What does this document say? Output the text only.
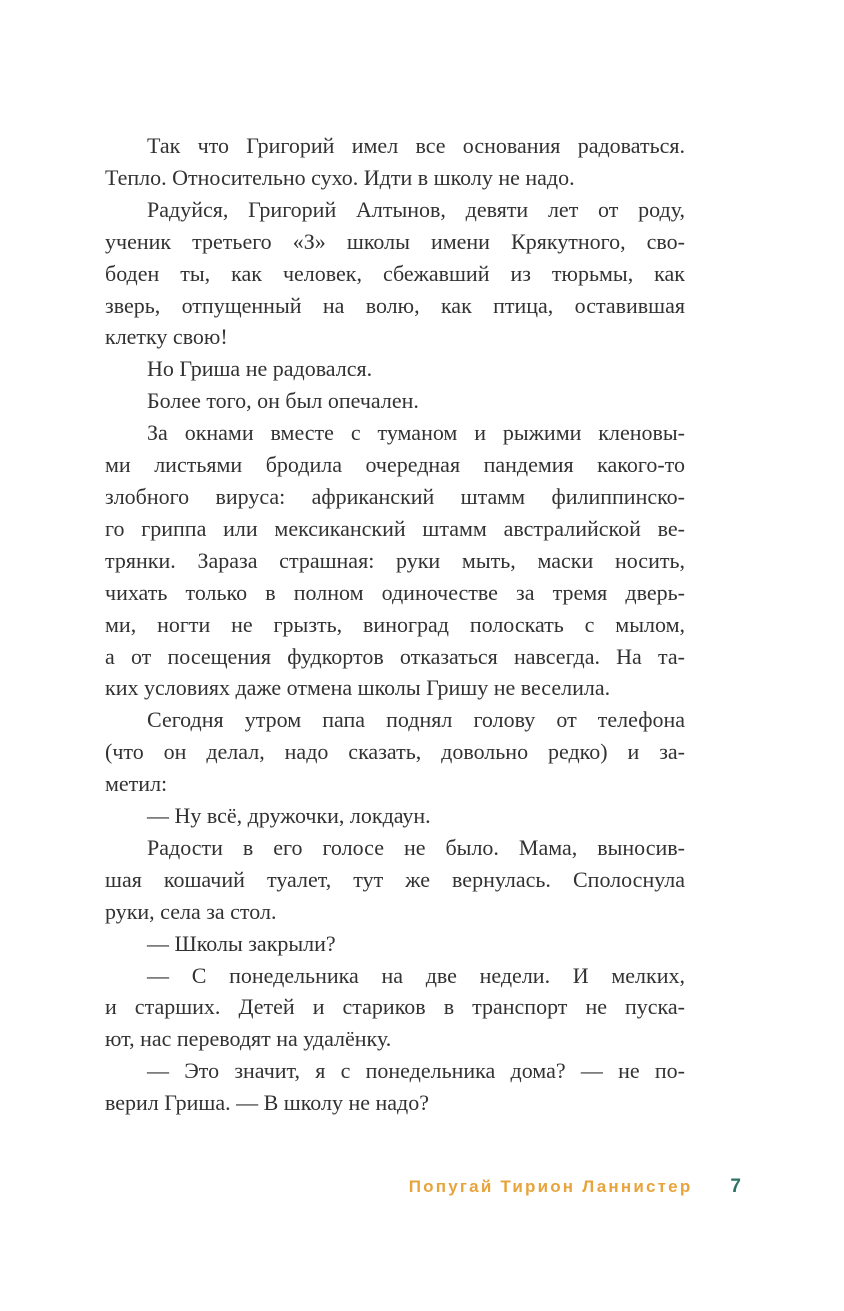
Так что Григорий имел все основания радоваться.
Тепло. Относительно сухо. Идти в школу не надо.
Радуйся, Григорий Алтынов, девяти лет от роду,
ученик третьего «З» школы имени Крякутного, сво-
боден ты, как человек, сбежавший из тюрьмы, как
зверь, отпущенный на волю, как птица, оставившая
клетку свою!
Но Гриша не радовался.
Более того, он был опечален.
За окнами вместе с туманом и рыжими кленовы-
ми листьями бродила очередная пандемия какого-то
злобного вируса: африканский штамм филиппинско-
го гриппа или мексиканский штамм австралийской ве-
трянки. Зараза страшная: руки мыть, маски носить,
чихать только в полном одиночестве за тремя дверь-
ми, ногти не грызть, виноград полоскать с мылом,
а от посещения фудкортов отказаться навсегда. На та-
ких условиях даже отмена школы Гришу не веселила.
Сегодня утром папа поднял голову от телефона
(что он делал, надо сказать, довольно редко) и за-
метил:
— Ну всё, дружочки, локдаун.
Радости в его голосе не было. Мама, выносив-
шая кошачий туалет, тут же вернулась. Сполоснула
руки, села за стол.
— Школы закрыли?
— С понедельника на две недели. И мелких,
и старших. Детей и стариков в транспорт не пуска-
ют, нас переводят на удалёнку.
— Это значит, я с понедельника дома? — не по-
верил Гриша. — В школу не надо?
Попугай Тирион Ланнистер 7
